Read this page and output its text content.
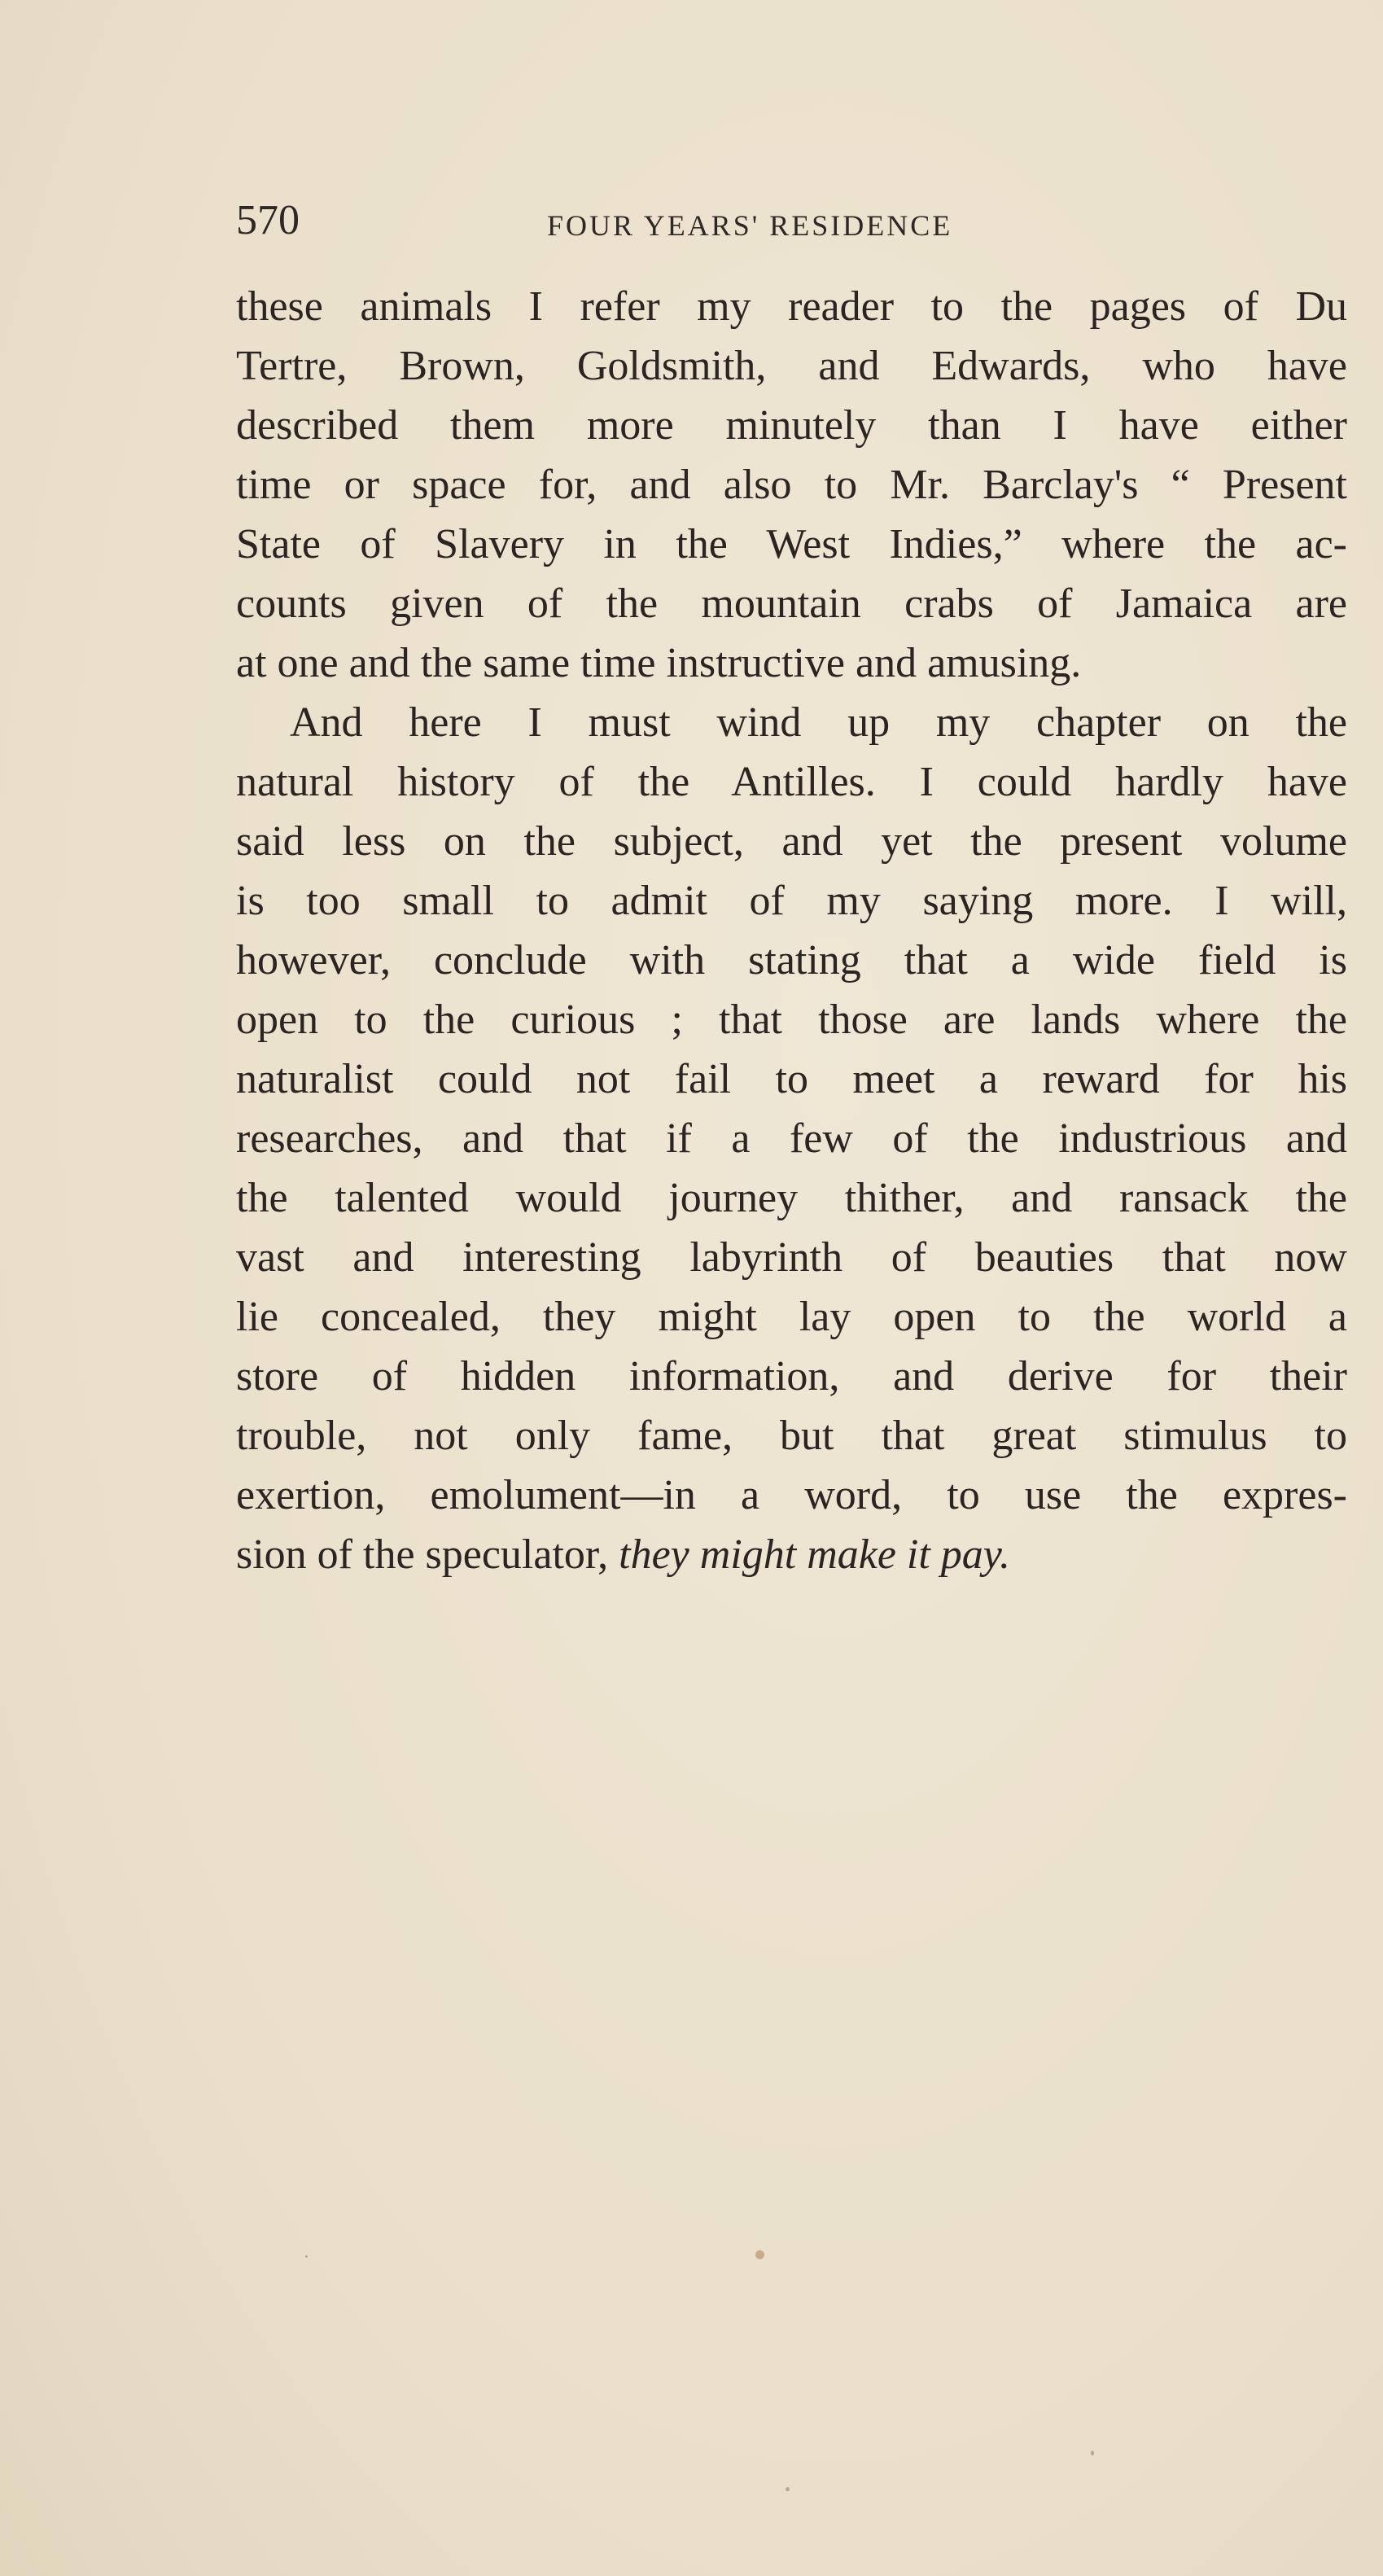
570	FOUR YEARS' RESIDENCE
these animals I refer my reader to the pages of Du
Tertre, Brown, Goldsmith, and Edwards, who have
described them more minutely than I have either
time or space for, and also to Mr. Barclay's “ Present
State of Slavery in the West Indies,” where the ac-
counts given of the mountain crabs of Jamaica are
at one and the same time instructive and amusing.
And here I must wind up my chapter on the
natural history of the Antilles. I could hardly have
said less on the subject, and yet the present volume
is too small to admit of my saying more. I will,
however, conclude with stating that a wide field is
open to the curious ; that those are lands where the
naturalist could not fail to meet a reward for his
researches, and that if a few of the industrious and
the talented would journey thither, and ransack the
vast and interesting labyrinth of beauties that now
lie concealed, they might lay open to the world a
store of hidden information, and derive for their
trouble, not only fame, but that great stimulus to
exertion, emolument—in a word, to use the expres-
sion of the speculator, they might make it pay.
